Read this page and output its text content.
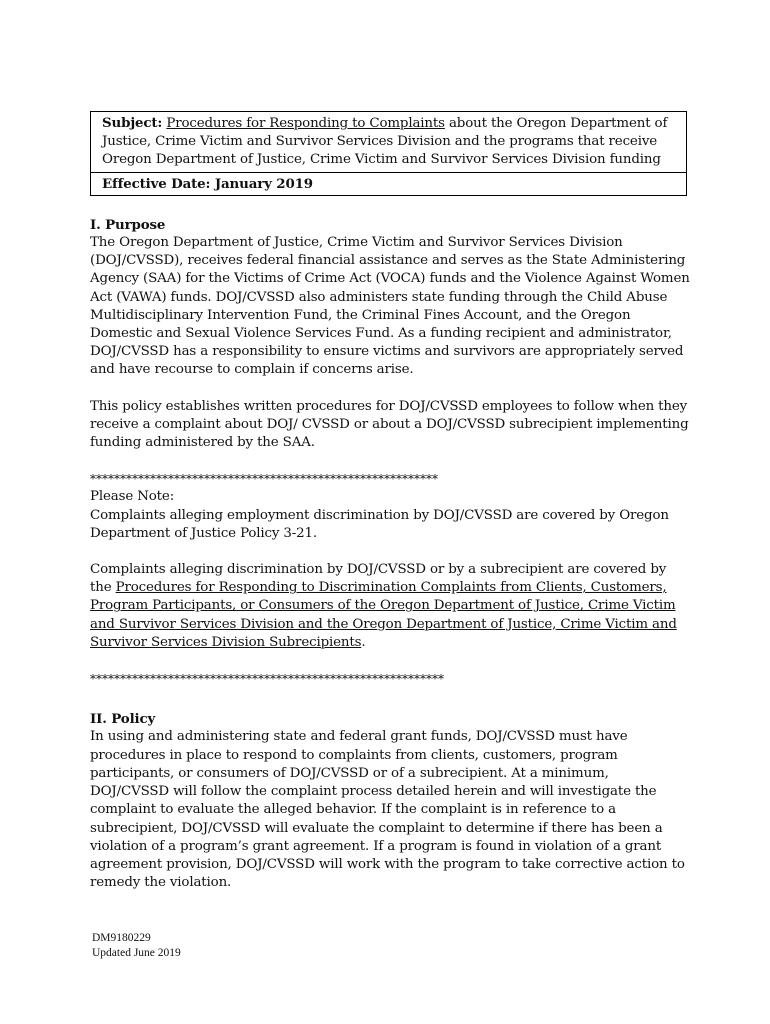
Subject: Procedures for Responding to Complaints about the Oregon Department of Justice, Crime Victim and Survivor Services Division and the programs that receive Oregon Department of Justice, Crime Victim and Survivor Services Division funding
Effective Date: January 2019
I. Purpose

The Oregon Department of Justice, Crime Victim and Survivor Services Division (DOJ/CVSSD), receives federal financial assistance and serves as the State Administering Agency (SAA) for the Victims of Crime Act (VOCA) funds and the Violence Against Women Act (VAWA) funds. DOJ/CVSSD also administers state funding through the Child Abuse Multidisciplinary Intervention Fund, the Criminal Fines Account, and the Oregon Domestic and Sexual Violence Services Fund. As a funding recipient and administrator, DOJ/CVSSD has a responsibility to ensure victims and survivors are appropriately served and have recourse to complain if concerns arise.

This policy establishes written procedures for DOJ/CVSSD employees to follow when they receive a complaint about DOJ/ CVSSD or about a DOJ/CVSSD subrecipient implementing funding administered by the SAA.

**********************************************************

Please Note:

Complaints alleging employment discrimination by DOJ/CVSSD are covered by Oregon Department of Justice Policy 3-21.

Complaints alleging discrimination by DOJ/CVSSD or by a subrecipient are covered by the Procedures for Responding to Discrimination Complaints from Clients, Customers, Program Participants, or Consumers of the Oregon Department of Justice, Crime Victim and Survivor Services Division and the Oregon Department of Justice, Crime Victim and Survivor Services Division Subrecipients.

***********************************************************
II. Policy

In using and administering state and federal grant funds, DOJ/CVSSD must have procedures in place to respond to complaints from clients, customers, program participants, or consumers of DOJ/CVSSD or of a subrecipient. At a minimum, DOJ/CVSSD will follow the complaint process detailed herein and will investigate the complaint to evaluate the alleged behavior. If the complaint is in reference to a subrecipient, DOJ/CVSSD will evaluate the complaint to determine if there has been a violation of a program’s grant agreement. If a program is found in violation of a grant agreement provision, DOJ/CVSSD will work with the program to take corrective action to remedy the violation.

DM9180229
Updated June 2019
